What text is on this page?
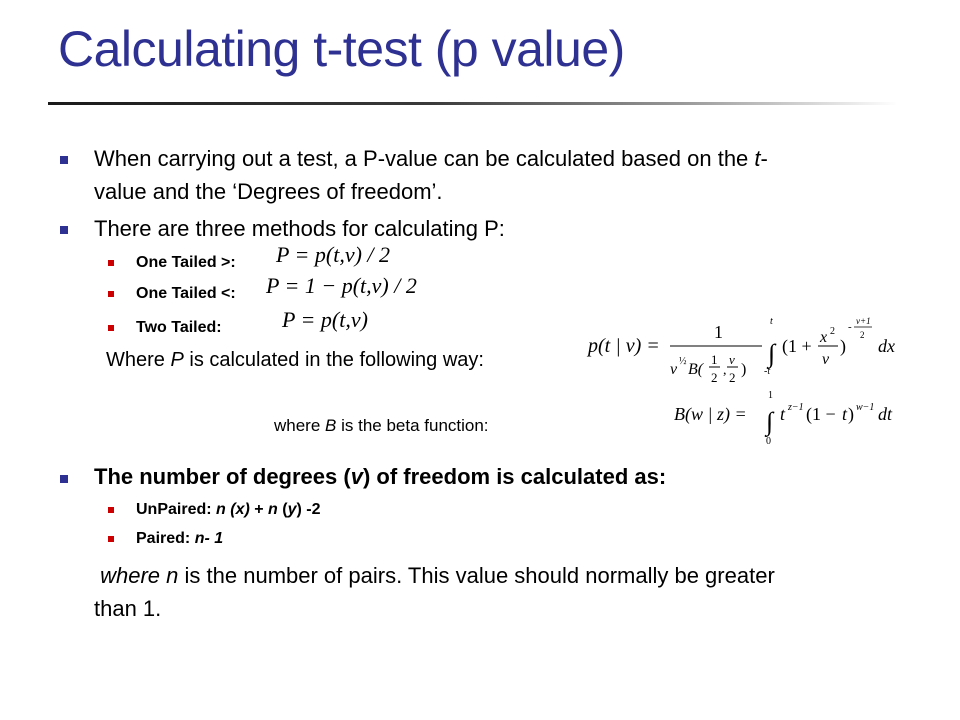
Calculating t-test (p value)
When carrying out a test, a P-value can be calculated based on the t-
value and the ‘Degrees of freedom’.
There are three methods for calculating P:
One Tailed >: P = p(t,ν) / 2
One Tailed <: P = 1 − p(t,ν) / 2
Two Tailed:	P = p(t,ν)
Where P is calculated in the following way:
p(t | ν) =
1
ν ½ B(
1
2 ,
ν
2 )
t
∫
-t
(1 + x 2
ν
)
- ν+1
2
dx
where B is the beta function:
B(w | z) =
1
∫
0
t z−1 (1 − t ) w−1 dt
The number of degrees (v) of freedom is calculated as:
UnPaired: n (x) + n (y) -2
Paired: n- 1
where n is the number of pairs. This value should normally be greater
than 1.
